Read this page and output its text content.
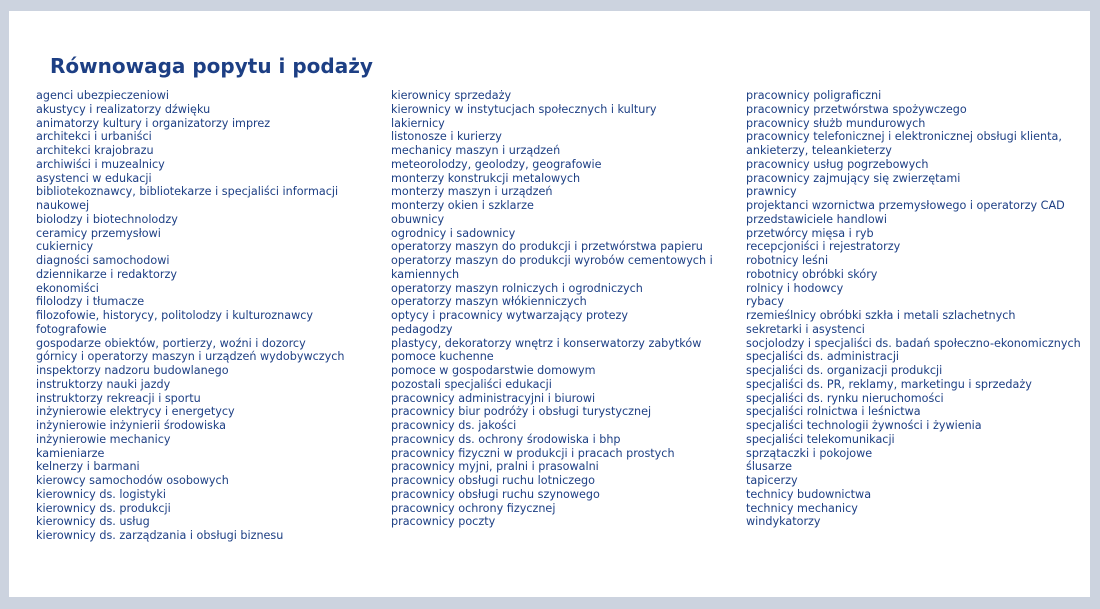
Równowaga popytu i podaży
agenci ubezpieczeniowi
akustycy i realizatorzy dźwięku
animatorzy kultury i organizatorzy imprez
architekci i urbaniści
architekci krajobrazu
archiwiści i muzealnicy
asystenci w edukacji
bibliotekoznawcy, bibliotekarze i specjaliści informacji
naukowej
biolodzy i biotechnolodzy
ceramicy przemysłowi
cukiernicy
diagności samochodowi
dziennikarze i redaktorzy
ekonomiści
filolodzy i tłumacze
filozofowie, historycy, politolodzy i kulturoznawcy
fotografowie
gospodarze obiektów, portierzy, woźni i dozorcy
górnicy i operatorzy maszyn i urządzeń wydobywczych
inspektorzy nadzoru budowlanego
instruktorzy nauki jazdy
instruktorzy rekreacji i sportu
inżynierowie elektrycy i energetycy
inżynierowie inżynierii środowiska
inżynierowie mechanicy
kamieniarze
kelnerzy i barmani
kierowcy samochodów osobowych
kierownicy ds. logistyki
kierownicy ds. produkcji
kierownicy ds. usług
kierownicy ds. zarządzania i obsługi biznesu
kierownicy sprzedaży
kierownicy w instytucjach społecznych i kultury
lakiernicy
listonosze i kurierzy
mechanicy maszyn i urządzeń
meteorolodzy, geolodzy, geografowie
monterzy konstrukcji metalowych
monterzy maszyn i urządzeń
monterzy okien i szklarze
obuwnicy
ogrodnicy i sadownicy
operatorzy maszyn do produkcji i przetwórstwa papieru
operatorzy maszyn do produkcji wyrobów cementowych i
kamiennych
operatorzy maszyn rolniczych i ogrodniczych
operatorzy maszyn włókienniczych
optycy i pracownicy wytwarzający protezy
pedagodzy
plastycy, dekoratorzy wnętrz i konserwatorzy zabytków
pomoce kuchenne
pomoce w gospodarstwie domowym
pozostali specjaliści edukacji
pracownicy administracyjni i biurowi
pracownicy biur podróży i obsługi turystycznej
pracownicy ds. jakości
pracownicy ds. ochrony środowiska i bhp
pracownicy fizyczni w produkcji i pracach prostych
pracownicy myjni, pralni i prasowalni
pracownicy obsługi ruchu lotniczego
pracownicy obsługi ruchu szynowego
pracownicy ochrony fizycznej
pracownicy poczty
pracownicy poligraficzni
pracownicy przetwórstwa spożywczego
pracownicy służb mundurowych
pracownicy telefonicznej i elektronicznej obsługi klienta,
ankieterzy, teleankieterzy
pracownicy usług pogrzebowych
pracownicy zajmujący się zwierzętami
prawnicy
projektanci wzornictwa przemysłowego i operatorzy CAD
przedstawiciele handlowi
przetwórcy mięsa i ryb
recepcjoniści i rejestratorzy
robotnicy leśni
robotnicy obróbki skóry
rolnicy i hodowcy
rybacy
rzemieślnicy obróbki szkła i metali szlachetnych
sekretarki i asystenci
socjolodzy i specjaliści ds. badań społeczno-ekonomicznych
specjaliści ds. administracji
specjaliści ds. organizacji produkcji
specjaliści ds. PR, reklamy, marketingu i sprzedaży
specjaliści ds. rynku nieruchomości
specjaliści rolnictwa i leśnictwa
specjaliści technologii żywności i żywienia
specjaliści telekomunikacji
sprzątaczki i pokojowe
ślusarze
tapicerzy
technicy budownictwa
technicy mechanicy
windykatorzy
